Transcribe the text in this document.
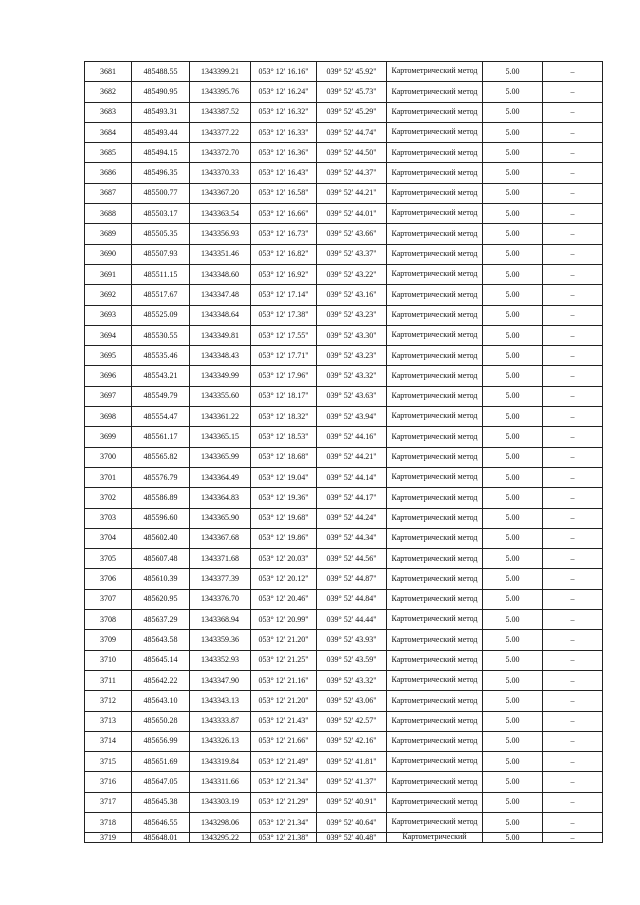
3681	485488.55	1343399.21	053° 12' 16.16"	039° 52' 45.92"	Картометрический метод	5.00	–
3682	485490.95	1343395.76	053° 12' 16.24"	039° 52' 45.73"	Картометрический метод	5.00	–
3683	485493.31	1343387.52	053° 12' 16.32"	039° 52' 45.29"	Картометрический метод	5.00	–
3684	485493.44	1343377.22	053° 12' 16.33"	039° 52' 44.74"	Картометрический метод	5.00	–
3685	485494.15	1343372.70	053° 12' 16.36"	039° 52' 44.50"	Картометрический метод	5.00	–
3686	485496.35	1343370.33	053° 12' 16.43"	039° 52' 44.37"	Картометрический метод	5.00	–
3687	485500.77	1343367.20	053° 12' 16.58"	039° 52' 44.21"	Картометрический метод	5.00	–
3688	485503.17	1343363.54	053° 12' 16.66"	039° 52' 44.01"	Картометрический метод	5.00	–
3689	485505.35	1343356.93	053° 12' 16.73"	039° 52' 43.66"	Картометрический метод	5.00	–
3690	485507.93	1343351.46	053° 12' 16.82"	039° 52' 43.37"	Картометрический метод	5.00	–
3691	485511.15	1343348.60	053° 12' 16.92"	039° 52' 43.22"	Картометрический метод	5.00	–
3692	485517.67	1343347.48	053° 12' 17.14"	039° 52' 43.16"	Картометрический метод	5.00	–
3693	485525.09	1343348.64	053° 12' 17.38"	039° 52' 43.23"	Картометрический метод	5.00	–
3694	485530.55	1343349.81	053° 12' 17.55"	039° 52' 43.30"	Картометрический метод	5.00	–
3695	485535.46	1343348.43	053° 12' 17.71"	039° 52' 43.23"	Картометрический метод	5.00	–
3696	485543.21	1343349.99	053° 12' 17.96"	039° 52' 43.32"	Картометрический метод	5.00	–
3697	485549.79	1343355.60	053° 12' 18.17"	039° 52' 43.63"	Картометрический метод	5.00	–
3698	485554.47	1343361.22	053° 12' 18.32"	039° 52' 43.94"	Картометрический метод	5.00	–
3699	485561.17	1343365.15	053° 12' 18.53"	039° 52' 44.16"	Картометрический метод	5.00	–
3700	485565.82	1343365.99	053° 12' 18.68"	039° 52' 44.21"	Картометрический метод	5.00	–
3701	485576.79	1343364.49	053° 12' 19.04"	039° 52' 44.14"	Картометрический метод	5.00	–
3702	485586.89	1343364.83	053° 12' 19.36"	039° 52' 44.17"	Картометрический метод	5.00	–
3703	485596.60	1343365.90	053° 12' 19.68"	039° 52' 44.24"	Картометрический метод	5.00	–
3704	485602.40	1343367.68	053° 12' 19.86"	039° 52' 44.34"	Картометрический метод	5.00	–
3705	485607.48	1343371.68	053° 12' 20.03"	039° 52' 44.56"	Картометрический метод	5.00	–
3706	485610.39	1343377.39	053° 12' 20.12"	039° 52' 44.87"	Картометрический метод	5.00	–
3707	485620.95	1343376.70	053° 12' 20.46"	039° 52' 44.84"	Картометрический метод	5.00	–
3708	485637.29	1343368.94	053° 12' 20.99"	039° 52' 44.44"	Картометрический метод	5.00	–
3709	485643.58	1343359.36	053° 12' 21.20"	039° 52' 43.93"	Картометрический метод	5.00	–
3710	485645.14	1343352.93	053° 12' 21.25"	039° 52' 43.59"	Картометрический метод	5.00	–
3711	485642.22	1343347.90	053° 12' 21.16"	039° 52' 43.32"	Картометрический метод	5.00	–
3712	485643.10	1343343.13	053° 12' 21.20"	039° 52' 43.06"	Картометрический метод	5.00	–
3713	485650.28	1343333.87	053° 12' 21.43"	039° 52' 42.57"	Картометрический метод	5.00	–
3714	485656.99	1343326.13	053° 12' 21.66"	039° 52' 42.16"	Картометрический метод	5.00	–
3715	485651.69	1343319.84	053° 12' 21.49"	039° 52' 41.81"	Картометрический метод	5.00	–
3716	485647.05	1343311.66	053° 12' 21.34"	039° 52' 41.37"	Картометрический метод	5.00	–
3717	485645.38	1343303.19	053° 12' 21.29"	039° 52' 40.91"	Картометрический метод	5.00	–
3718	485646.55	1343298.06	053° 12' 21.34"	039° 52' 40.64"	Картометрический метод	5.00	–
3719	485648.01	1343295.22	053° 12' 21.38"	039° 52' 40.48"	Картометрический	5.00	–
